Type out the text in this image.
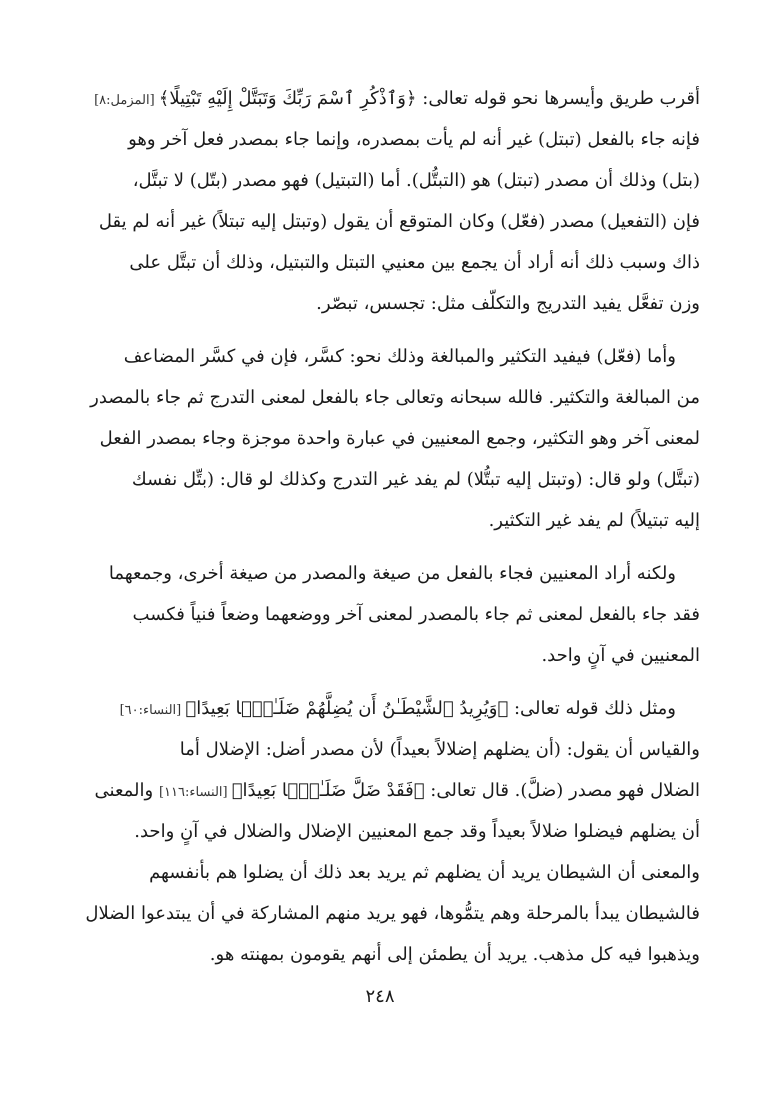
أقرب طريق وأيسرها نحو قوله تعالى: ﴿وَٱذْكُرِ ٱسْمَ رَبِّكَ وَتَبَتَّلْ إِلَيْهِ تَبْتِيلًا﴾ [المزمل:٨]
فإنه جاء بالفعل (تبتل) غير أنه لم يأت بمصدره، وإنما جاء بمصدر فعل آخر وهو
(بتل) وذلك أن مصدر (تبتل) هو (التبتُّل). أما (التبتيل) فهو مصدر (بتّل) لا تبتَّل،
فإن (التفعيل) مصدر (فعّل) وكان المتوقع أن يقول (وتبتل إليه تبتلاً) غير أنه لم يقل
ذاك وسبب ذلك أنه أراد أن يجمع بين معنيي التبتل والتبتيل، وذلك أن تبتَّل على
وزن تفعَّل يفيد التدريج والتكلّف مثل: تجسس، تبصّر.
وأما (فعّل) فيفيد التكثير والمبالغة وذلك نحو: كسَّر، فإن في كسَّر المضاعف
من المبالغة والتكثير. فالله سبحانه وتعالى جاء بالفعل لمعنى التدرج ثم جاء بالمصدر
لمعنى آخر وهو التكثير، وجمع المعنيين في عبارة واحدة موجزة وجاء بمصدر الفعل
(تبتَّل) ولو قال: (وتبتل إليه تبتُّلا) لم يفد غير التدرج وكذلك لو قال: (بتِّل نفسك
إليه تبتيلاً) لم يفد غير التكثير.
ولكنه أراد المعنيين فجاء بالفعل من صيغة والمصدر من صيغة أخرى، وجمعهما
فقد جاء بالفعل لمعنى ثم جاء بالمصدر لمعنى آخر ووضعهما وضعاً فنياً فكسب
المعنيين في آنٍ واحد.
ومثل ذلك قوله تعالى: ﴿وَيُرِيدُ ٱلشَّيْطَـٰنُ أَن يُضِلَّهُمْ ضَلَـٰلًۢا بَعِيدًا﴾ [النساء:٦٠]
والقياس أن يقول: (أن يضلهم إضلالاً بعيداً) لأن مصدر أضل: الإضلال أما
الضلال فهو مصدر (ضلَّ). قال تعالى: ﴿فَقَدْ ضَلَّ ضَلَـٰلًۢا بَعِيدًا﴾ [النساء:١١٦] والمعنى
أن يضلهم فيضلوا ضلالاً بعيداً وقد جمع المعنيين الإضلال والضلال في آنٍ واحد.
والمعنى أن الشيطان يريد أن يضلهم ثم يريد بعد ذلك أن يضلوا هم بأنفسهم
فالشيطان يبدأ بالمرحلة وهم يتمُّوها، فهو يريد منهم المشاركة في أن يبتدعوا الضلال
ويذهبوا فيه كل مذهب. يريد أن يطمئن إلى أنهم يقومون بمهنته هو.
٢٤٨
